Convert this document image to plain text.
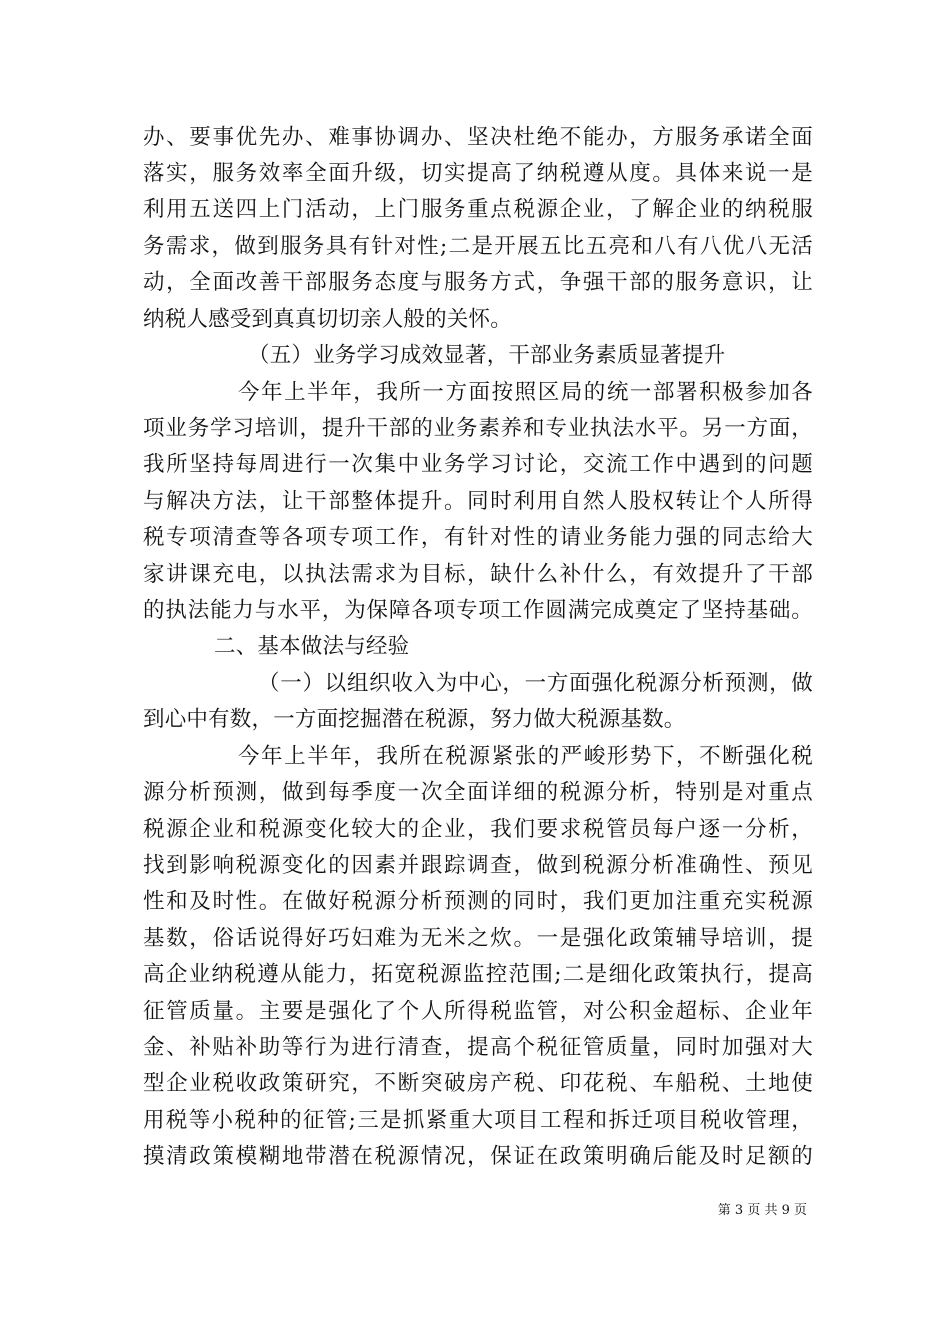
办、要事优先办、难事协调办、坚决杜绝不能办，方服务承诺全面
落实，服务效率全面升级，切实提高了纳税遵从度。具体来说一是
利用五送四上门活动，上门服务重点税源企业，了解企业的纳税服
务需求，做到服务具有针对性;二是开展五比五亮和八有八优八无活
动，全面改善干部服务态度与服务方式，争强干部的服务意识，让
纳税人感受到真真切切亲人般的关怀。
（五）业务学习成效显著，干部业务素质显著提升
今年上半年，我所一方面按照区局的统一部署积极参加各
项业务学习培训，提升干部的业务素养和专业执法水平。另一方面，
我所坚持每周进行一次集中业务学习讨论，交流工作中遇到的问题
与解决方法，让干部整体提升。同时利用自然人股权转让个人所得
税专项清查等各项专项工作，有针对性的请业务能力强的同志给大
家讲课充电，以执法需求为目标，缺什么补什么，有效提升了干部
的执法能力与水平，为保障各项专项工作圆满完成奠定了坚持基础。
二、基本做法与经验
（一）以组织收入为中心，一方面强化税源分析预测，做
到心中有数，一方面挖掘潜在税源，努力做大税源基数。
今年上半年，我所在税源紧张的严峻形势下，不断强化税
源分析预测，做到每季度一次全面详细的税源分析，特别是对重点
税源企业和税源变化较大的企业，我们要求税管员每户逐一分析，
找到影响税源变化的因素并跟踪调查，做到税源分析准确性、预见
性和及时性。在做好税源分析预测的同时，我们更加注重充实税源
基数，俗话说得好巧妇难为无米之炊。一是强化政策辅导培训，提
高企业纳税遵从能力，拓宽税源监控范围;二是细化政策执行，提高
征管质量。主要是强化了个人所得税监管，对公积金超标、企业年
金、补贴补助等行为进行清查，提高个税征管质量，同时加强对大
型企业税收政策研究，不断突破房产税、印花税、车船税、土地使
用税等小税种的征管;三是抓紧重大项目工程和拆迁项目税收管理，
摸清政策模糊地带潜在税源情况，保证在政策明确后能及时足额的
第 3 页 共 9 页
